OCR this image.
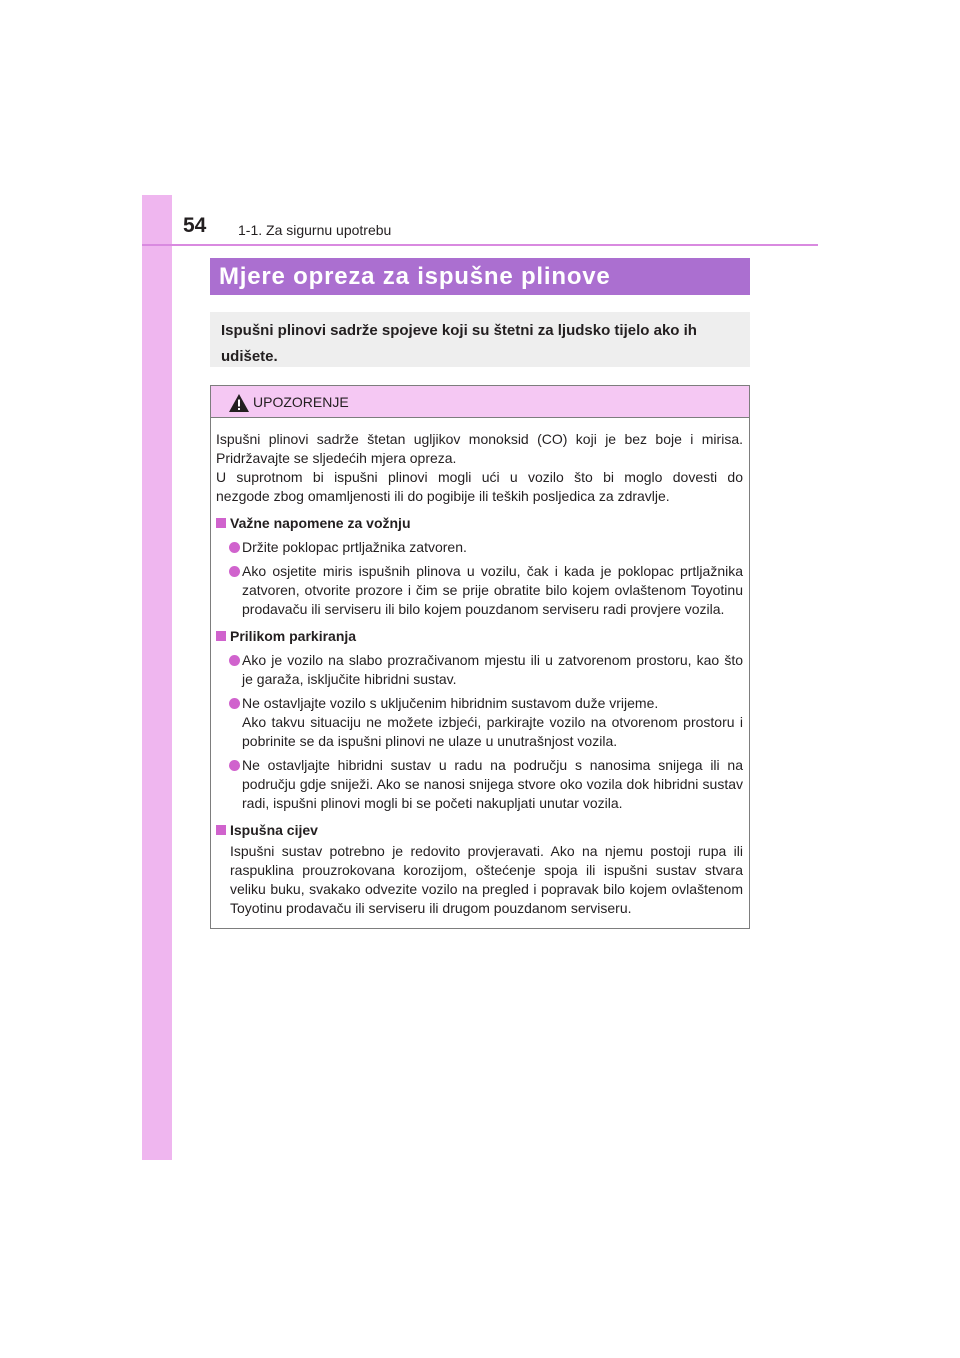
54 1-1. Za sigurnu upotrebu
Mjere opreza za ispušne plinove
Ispušni plinovi sadrže spojeve koji su štetni za ljudsko tijelo ako ih udišete.
UPOZORENJE

Ispušni plinovi sadrže štetan ugljikov monoksid (CO) koji je bez boje i mirisa.
Pridržavajte se sljedećih mjera opreza.
U suprotnom bi ispušni plinovi mogli ući u vozilo što bi moglo dovesti do
nezgode zbog omamljenosti ili do pogibije ili teških posljedica za zdravlje.

Važne napomene za vožnju
Držite poklopac prtljažnika zatvoren.
Ako osjetite miris ispušnih plinova u vozilu, čak i kada je poklopac prtljažnika zatvoren, otvorite prozore i čim se prije obratite bilo kojem ovlaštenom Toyotinu prodavaču ili serviseru ili bilo kojem pouzdanom serviseru radi provjere vozila.
Prilikom parkiranja
Ako je vozilo na slabo prozračivanom mjestu ili u zatvorenom prostoru, kao što je garaža, isključite hibridni sustav.
Ne ostavljajte vozilo s uključenim hibridnim sustavom duže vrijeme.
Ako takvu situaciju ne možete izbjeći, parkirajte vozilo na otvorenom prostoru i pobrinite se da ispušni plinovi ne ulaze u unutrašnjost vozila.
Ne ostavljajte hibridni sustav u radu na području s nanosima snijega ili na području gdje sniježi. Ako se nanosi snijega stvore oko vozila dok hibridni sustav radi, ispušni plinovi mogli bi se početi nakupljati unutar vozila.
Ispušna cijev
Ispušni sustav potrebno je redovito provjeravati. Ako na njemu postoji rupa ili raspuklina prouzrokovana korozijom, oštećenje spoja ili ispušni sustav stvara veliku buku, svakako odvezite vozilo na pregled i popravak bilo kojem ovlaštenom Toyotinu prodavaču ili serviseru ili drugom pouzdanom serviseru.
